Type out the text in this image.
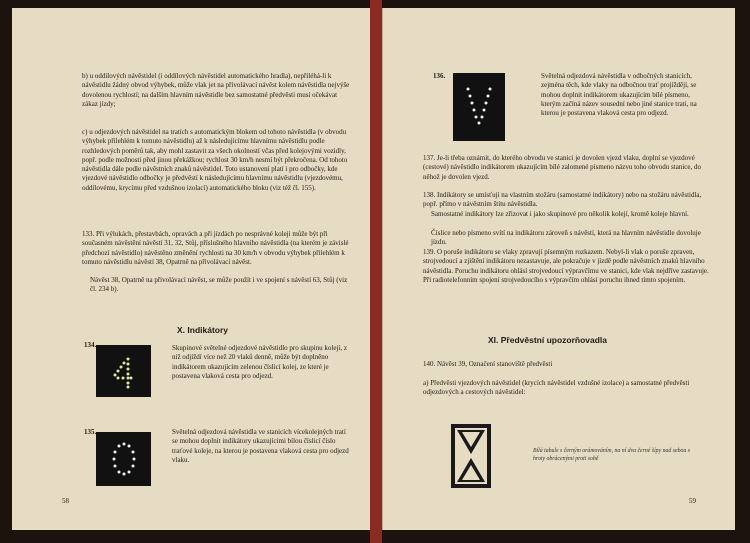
b) u oddílových návěstidel (i oddílových návěstidel automatického hradla), nepřiléhá-li k návěstidlu žádný obvod výhybek, může vlak jet na přivolávací návěst kolem návěstidla nejvýše dovolenou rychlostí; na dalším hlavním návěstidle bez samostatné předvěsti musí očekávat zákaz jízdy;
c) u odjezdových návěstidel na tratích s automatickým blokem od tohoto návěstidla (v obvodu výhybek přilehlém k tomuto návěstidlu) až k následujícímu hlavnímu návěstidlu podle rozhledových poměrů tak, aby mohl zastavit za všech okolností včas před kolejovými vozidly, popř. podle možnosti před jinou překážkou; rychlost 30 km/h nesmí být překročena. Od tohoto návěstidla dále podle návěstních znaků návěstidel. Toto ustanovení platí i pro odbočky, kde vjezdové návěstidlo odbočky je předvěstí k následujícímu hlavnímu návěstidlu (vjezdovému, oddílovému, krycímu před vzdušnou izolací) automatického bloku (viz též čl. 155).
133. Při výlukách, přestavbách, opravách a při jízdách po nesprávné koleji může být při současném návěstění návěstí 31, 32, Stůj, příslušného hlavního návěstidla (na kterém je závislé předchozí návěstidlo) návěstěno změnění rychlosti na 30 km/h v obvodu výhybek přilehlém k tomuto návěstidlu návěstí 38, Opatrně na přivolávací návěst.
Návěst 38, Opatrně na přivolávací návěst, se může použít i ve spojení s návěstí 63, Stůj (viz čl. 234 b).
X. Indikátory
134.	Skupinové světelné odjezdové návěstidlo pro skupinu kolejí, z níž odjíždí více než 20 vlaků denně, může být doplněno indikátorem ukazujícím zelenou číslicí kolej, ze které je postavena vlaková cesta pro odjezd.
135.	Světelná odjezdová návěstidla ve stanicích vícekolejných tratí se mohou doplnit indikátory ukazujícími bílou číslicí číslo traťové koleje, na kterou je postavena vlaková cesta pro odjezd vlaku.
58
136.	Světelná odjezdová návěstidla v odbočných stanicích, zejména těch, kde vlaky na odbočnou trať projíždějí, se mohou doplnit indikátorem ukazujícím bílé písmeno, kterým začíná název sousední nebo jiné stanice trati, na kterou je postavena vlaková cesta pro odjezd.
137. Je-li třeba oznámit, do kterého obvodu ve stanici je dovolen vjezd vlaku, doplní se vjezdové (cestové) návěstidlo indikátorem ukazujícím bílé zalomené písmeno názvu toho obvodu stanice, do něhož je dovolen vjezd.
138. Indikátory se umísťují na vlastním stožáru (samostatné indikátory) nebo na stožáru návěstidla, popř. přímo v návěstním štítu návěstidla.
Samostatné indikátory lze zřizovat i jako skupinové pro několik kolejí, kromě koleje hlavní.
Číslice nebo písmeno svítí na indikátoru zároveň s návěstí, která na hlavním návěstidle dovoluje jízdu.
139. O poruše indikátoru se vlaky zpravují písemným rozkazem. Nebyl-li vlak o poruše zpraven, strojvedoucí a zjištění indikátoru nezastavuje, ale pokračuje v jízdě podle návěstních znaků hlavního návěstidla. Poruchu indikátoru ohlásí strojvedoucí výpravčímu ve stanici, kde vlak nejdříve zastavuje. Při radiotelefonním spojení strojvedoucího s výpravčím ohlásí poruchu ihned tímto spojením.
XI. Předvěstní upozorňovadla
140. Návěst 39, Označení stanoviště předvěsti
a) Předvěsti vjezdových návěstidel (krycích návěstidel vzdušné izolace) a samostatné předvěsti odjezdových a cestových návěstidel:
Bílá tabule s černým orámováním, na ní dva černé šípy nad sebou s hroty obrácenými proti sobě
59
